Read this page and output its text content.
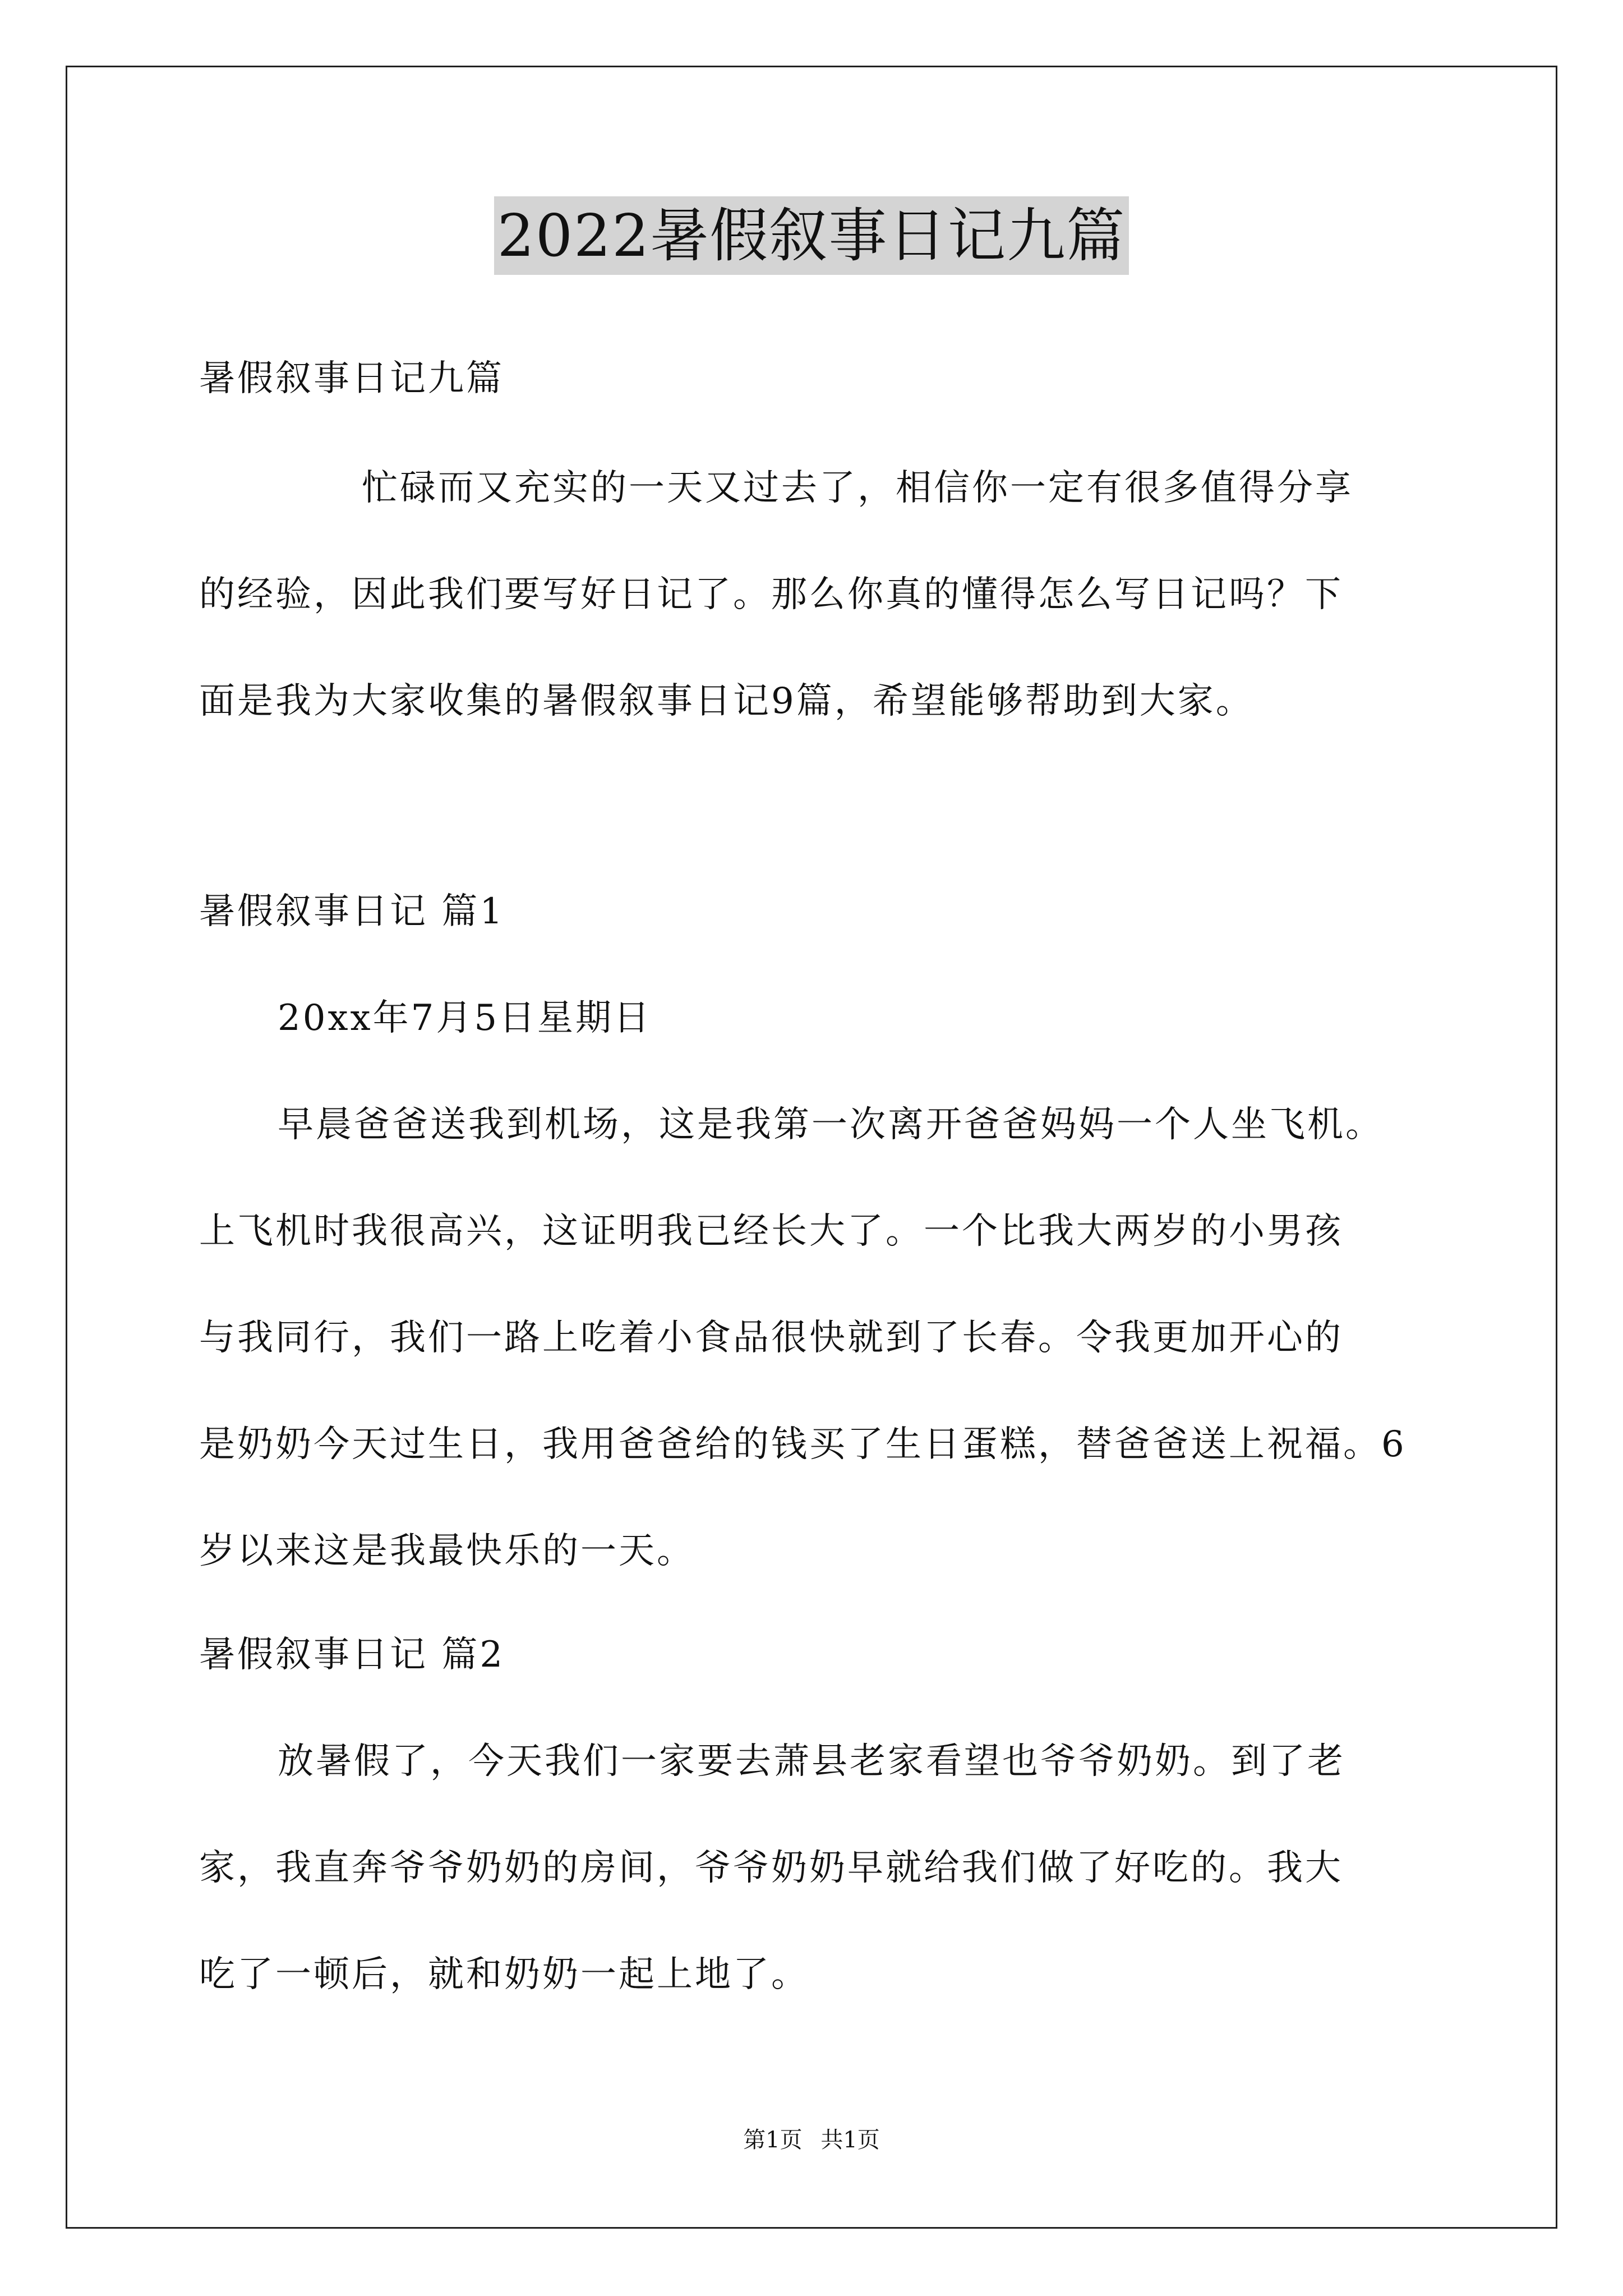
2022暑假叙事日记九篇
暑假叙事日记九篇
忙碌而又充实的一天又过去了，相信你一定有很多值得分享
的经验，因此我们要写好日记了。那么你真的懂得怎么写日记吗？下
面是我为大家收集的暑假叙事日记9篇，希望能够帮助到大家。
暑假叙事日记 篇1
20xx年7月5日星期日
早晨爸爸送我到机场，这是我第一次离开爸爸妈妈一个人坐飞机。
上飞机时我很高兴，这证明我已经长大了。一个比我大两岁的小男孩
与我同行，我们一路上吃着小食品很快就到了长春。令我更加开心的
是奶奶今天过生日，我用爸爸给的钱买了生日蛋糕，替爸爸送上祝福。6
岁以来这是我最快乐的一天。
暑假叙事日记 篇2
放暑假了，今天我们一家要去萧县老家看望也爷爷奶奶。到了老
家，我直奔爷爷奶奶的房间，爷爷奶奶早就给我们做了好吃的。我大
吃了一顿后，就和奶奶一起上地了。
第1页 共1页
